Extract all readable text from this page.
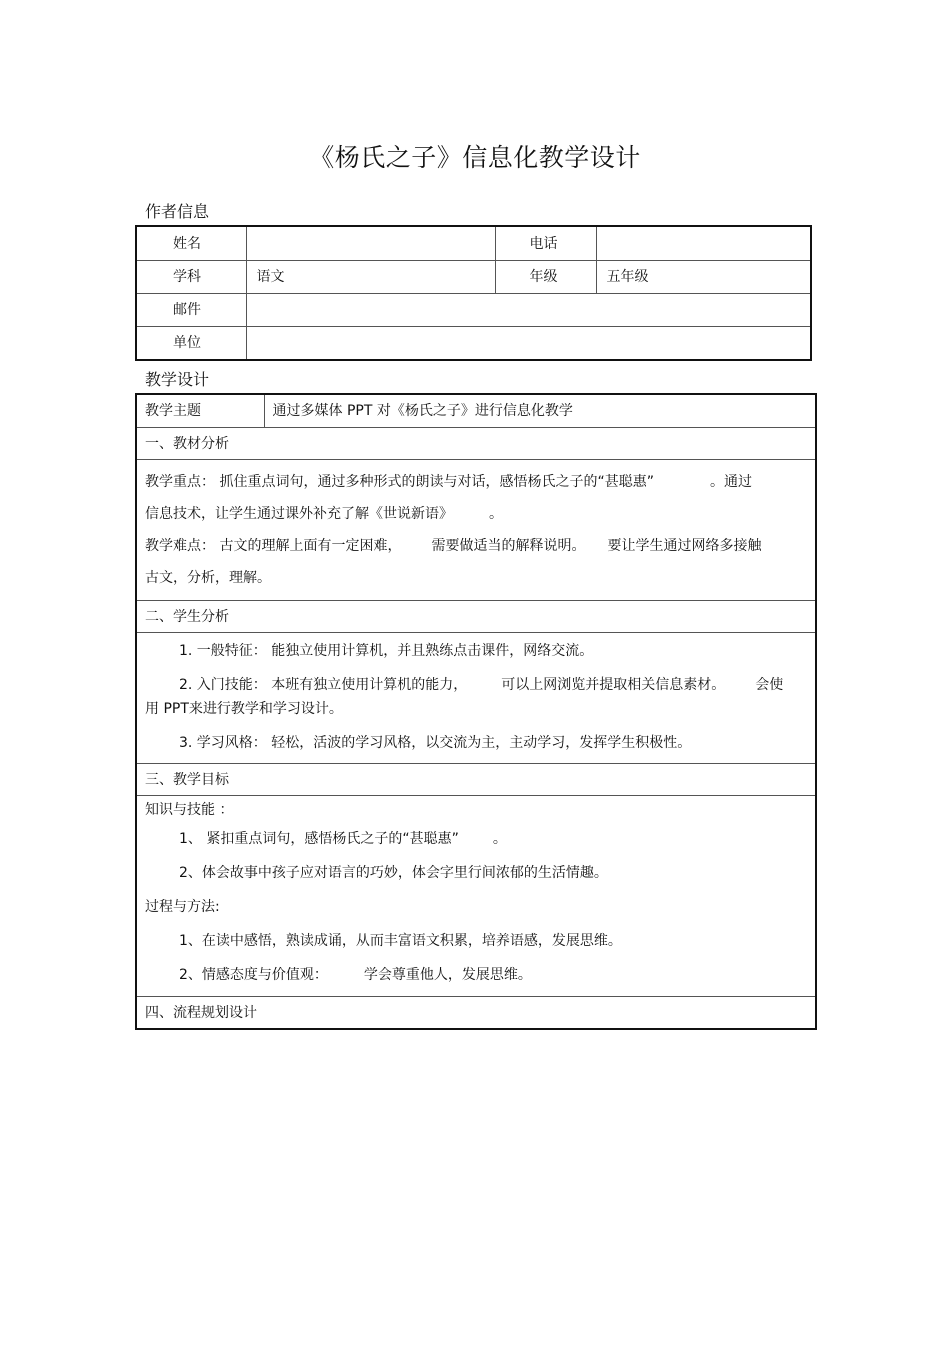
《杨氏之子》信息化教学设计
作者信息
姓名		电话	
学科	语文	年级	五年级
邮件			
单位			
教学设计
教学主题	通过多媒体 PPT 对《杨氏之子》进行信息化教学
一、教材分析

教学重点： 抓住重点词句，通过多种形式的朗读与对话，感悟杨氏之子的“甚聪惠”	。通过

信息技术，让学生通过课外补充了解《世说新语》	。

教学难点： 古文的理解上面有一定困难， 需要做适当的解释说明。 要让学生通过网络多接触

古文，分析，理解。

二、学生分析

1. 一般特征： 能独立使用计算机，并且熟练点击课件，网络交流。

2. 入门技能： 本班有独立使用计算机的能力， 可以上网浏览并提取相关信息素材。 会使

用 PPT来进行教学和学习设计。

3. 学习风格： 轻松，活波的学习风格，以交流为主，主动学习，发挥学生积极性。

三、教学目标

知识与技能 ：

1、 紧扣重点词句，感悟杨氏之子的“甚聪惠” 。

2、体会故事中孩子应对语言的巧妙，体会字里行间浓郁的生活情趣。

过程与方法:

1、在读中感悟，熟读成诵，从而丰富语文积累，培养语感，发展思维。

2、情感态度与价值观：	学会尊重他人，发展思维。

四、流程规划设计
